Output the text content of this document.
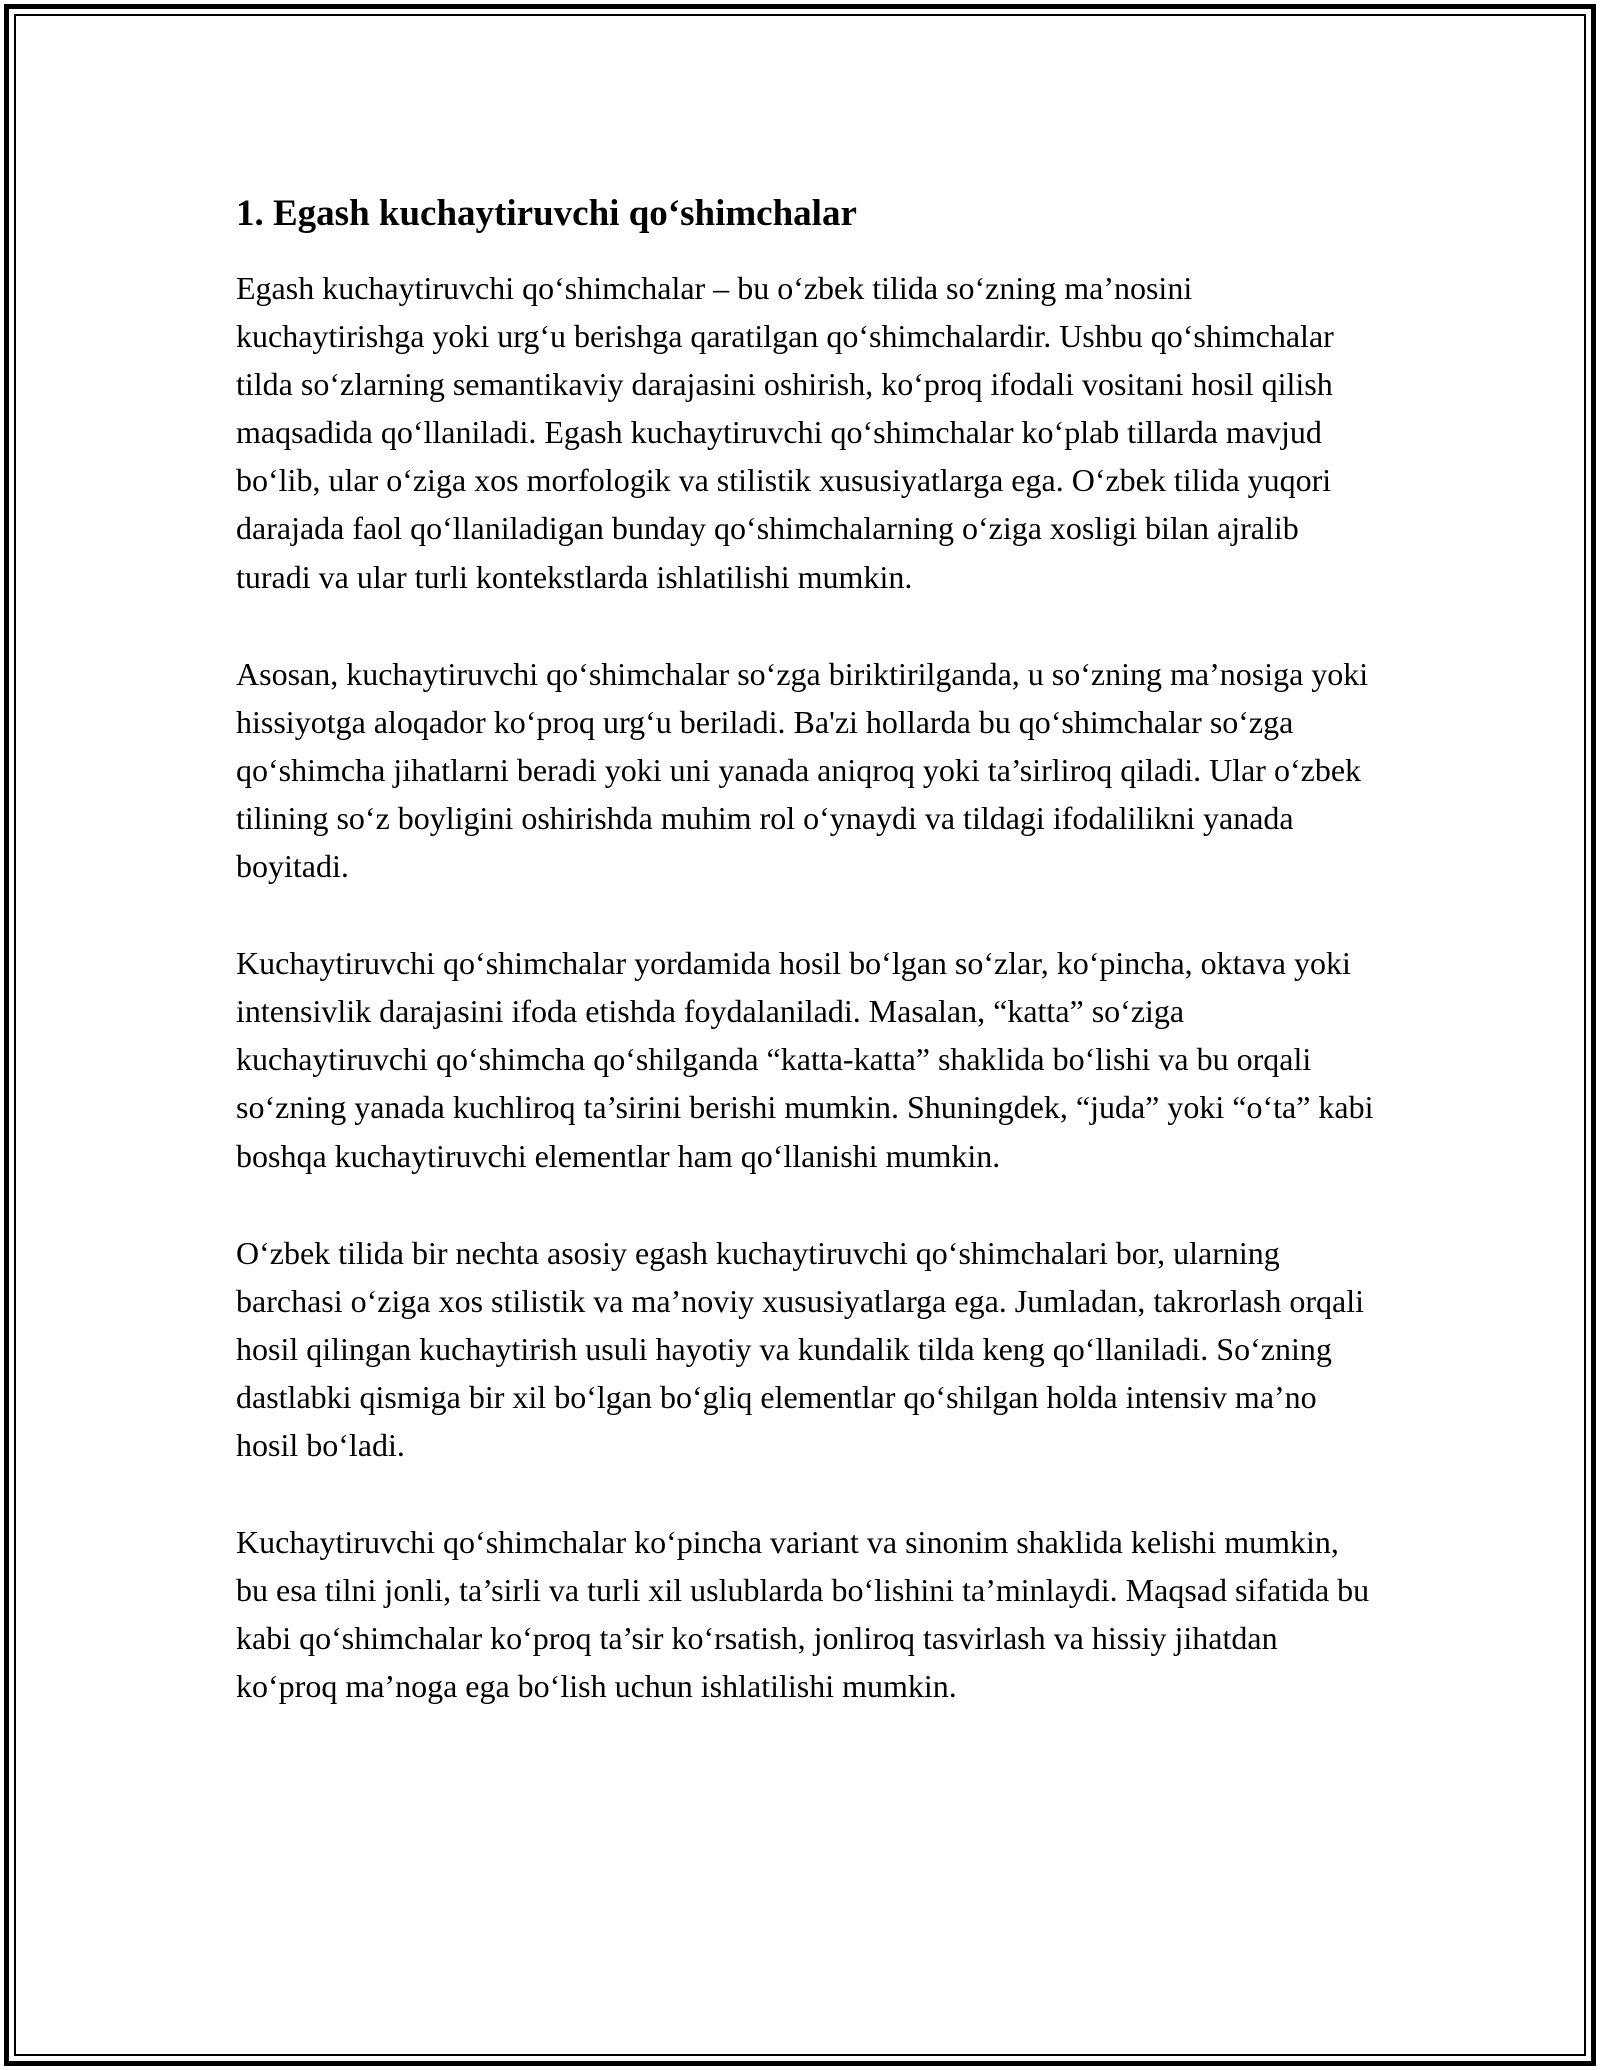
1. Egash kuchaytiruvchi qo‘shimchalar

Egash kuchaytiruvchi qo‘shimchalar – bu o‘zbek tilida so‘zning ma’nosini kuchaytirishga yoki urg‘u berishga qaratilgan qo‘shimchalardir. Ushbu qo‘shimchalar tilda so‘zlarning semantikaviy darajasini oshirish, ko‘proq ifodali vositani hosil qilish maqsadida qo‘llaniladi. Egash kuchaytiruvchi qo‘shimchalar ko‘plab tillarda mavjud bo‘lib, ular o‘ziga xos morfologik va stilistik xususiyatlarga ega. O‘zbek tilida yuqori darajada faol qo‘llaniladigan bunday qo‘shimchalarning o‘ziga xosligi bilan ajralib turadi va ular turli kontekstlarda ishlatilishi mumkin.

Asosan, kuchaytiruvchi qo‘shimchalar so‘zga biriktirilganda, u so‘zning ma’nosiga yoki hissiyotga aloqador ko‘proq urg‘u beriladi. Ba'zi hollarda bu qo‘shimchalar so‘zga qo‘shimcha jihatlarni beradi yoki uni yanada aniqroq yoki ta’sirliroq qiladi. Ular o‘zbek tilining so‘z boyligini oshirishda muhim rol o‘ynaydi va tildagi ifodalilikni yanada boyitadi.

Kuchaytiruvchi qo‘shimchalar yordamida hosil bo‘lgan so‘zlar, ko‘pincha, oktava yoki intensivlik darajasini ifoda etishda foydalaniladi. Masalan, “katta” so‘ziga kuchaytiruvchi qo‘shimcha qo‘shilganda “katta-katta” shaklida bo‘lishi va bu orqali so‘zning yanada kuchliroq ta’sirini berishi mumkin. Shuningdek, “juda” yoki “o‘ta” kabi boshqa kuchaytiruvchi elementlar ham qo‘llanishi mumkin.

O‘zbek tilida bir nechta asosiy egash kuchaytiruvchi qo‘shimchalari bor, ularning barchasi o‘ziga xos stilistik va ma’noviy xususiyatlarga ega. Jumladan, takrorlash orqali hosil qilingan kuchaytirish usuli hayotiy va kundalik tilda keng qo‘llaniladi. So‘zning dastlabki qismiga bir xil bo‘lgan bo‘gliq elementlar qo‘shilgan holda intensiv ma’no hosil bo‘ladi.

Kuchaytiruvchi qo‘shimchalar ko‘pincha variant va sinonim shaklida kelishi mumkin, bu esa tilni jonli, ta’sirli va turli xil uslublarda bo‘lishini ta’minlaydi. Maqsad sifatida bu kabi qo‘shimchalar ko‘proq ta’sir ko‘rsatish, jonliroq tasvirlash va hissiy jihatdan ko‘proq ma’noga ega bo‘lish uchun ishlatilishi mumkin.
